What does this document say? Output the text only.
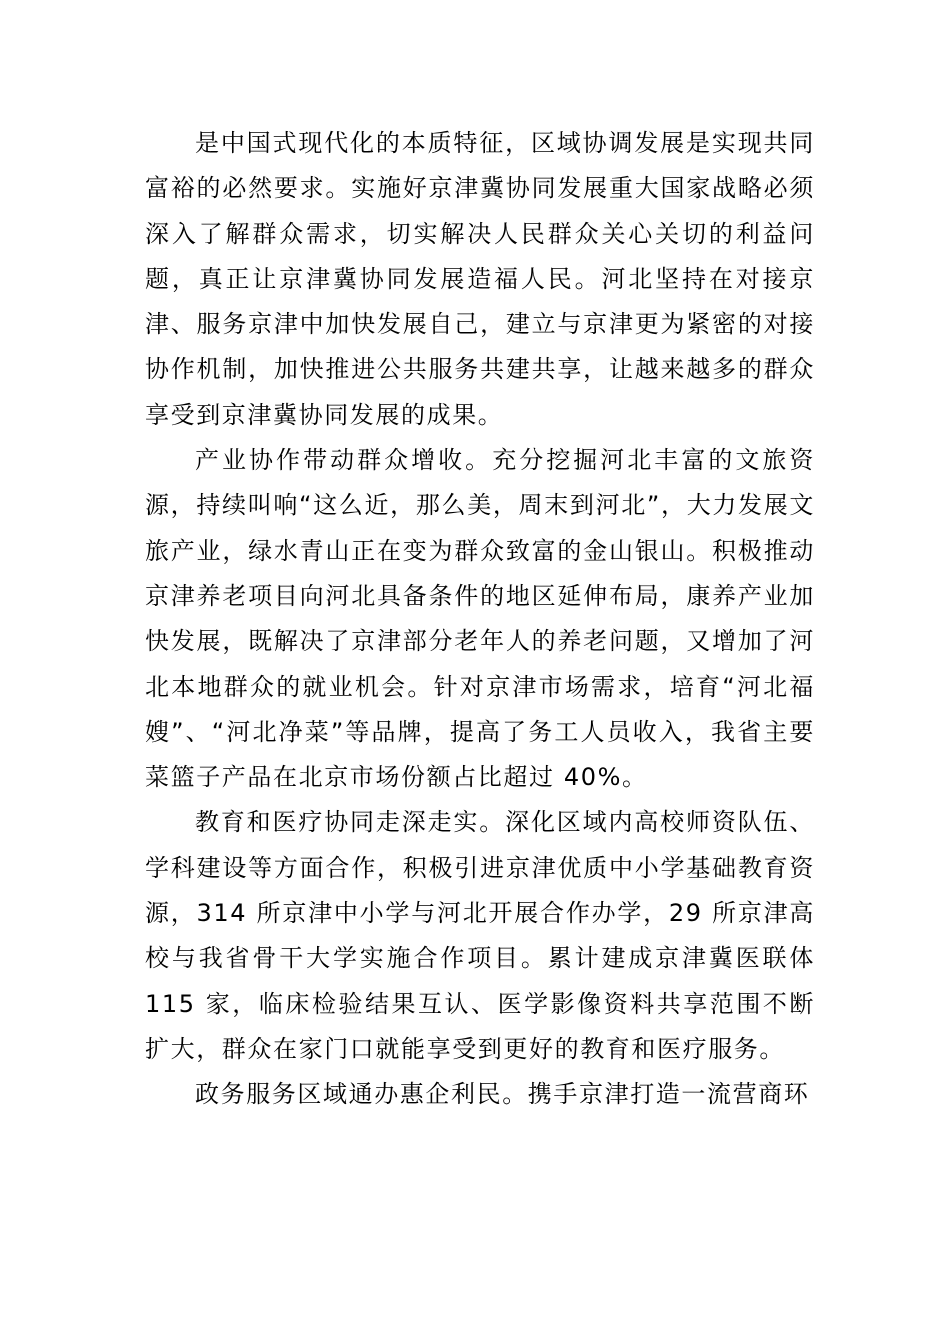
是中国式现代化的本质特征，区域协调发展是实现共同富裕的必然要求。实施好京津冀协同发展重大国家战略必须深入了解群众需求，切实解决人民群众关心关切的利益问题，真正让京津冀协同发展造福人民。河北坚持在对接京津、服务京津中加快发展自己，建立与京津更为紧密的对接协作机制，加快推进公共服务共建共享，让越来越多的群众享受到京津冀协同发展的成果。

产业协作带动群众增收。充分挖掘河北丰富的文旅资源，持续叫响“这么近，那么美，周末到河北”，大力发展文旅产业，绿水青山正在变为群众致富的金山银山。积极推动京津养老项目向河北具备条件的地区延伸布局，康养产业加快发展，既解决了京津部分老年人的养老问题，又增加了河北本地群众的就业机会。针对京津市场需求，培育“河北福嫂”、“河北净菜”等品牌，提高了务工人员收入，我省主要菜篮子产品在北京市场份额占比超过 40%。

教育和医疗协同走深走实。深化区域内高校师资队伍、学科建设等方面合作，积极引进京津优质中小学基础教育资源，314 所京津中小学与河北开展合作办学，29 所京津高校与我省骨干大学实施合作项目。累计建成京津冀医联体 115 家，临床检验结果互认、医学影像资料共享范围不断扩大，群众在家门口就能享受到更好的教育和医疗服务。

政务服务区域通办惠企利民。携手京津打造一流营商环
